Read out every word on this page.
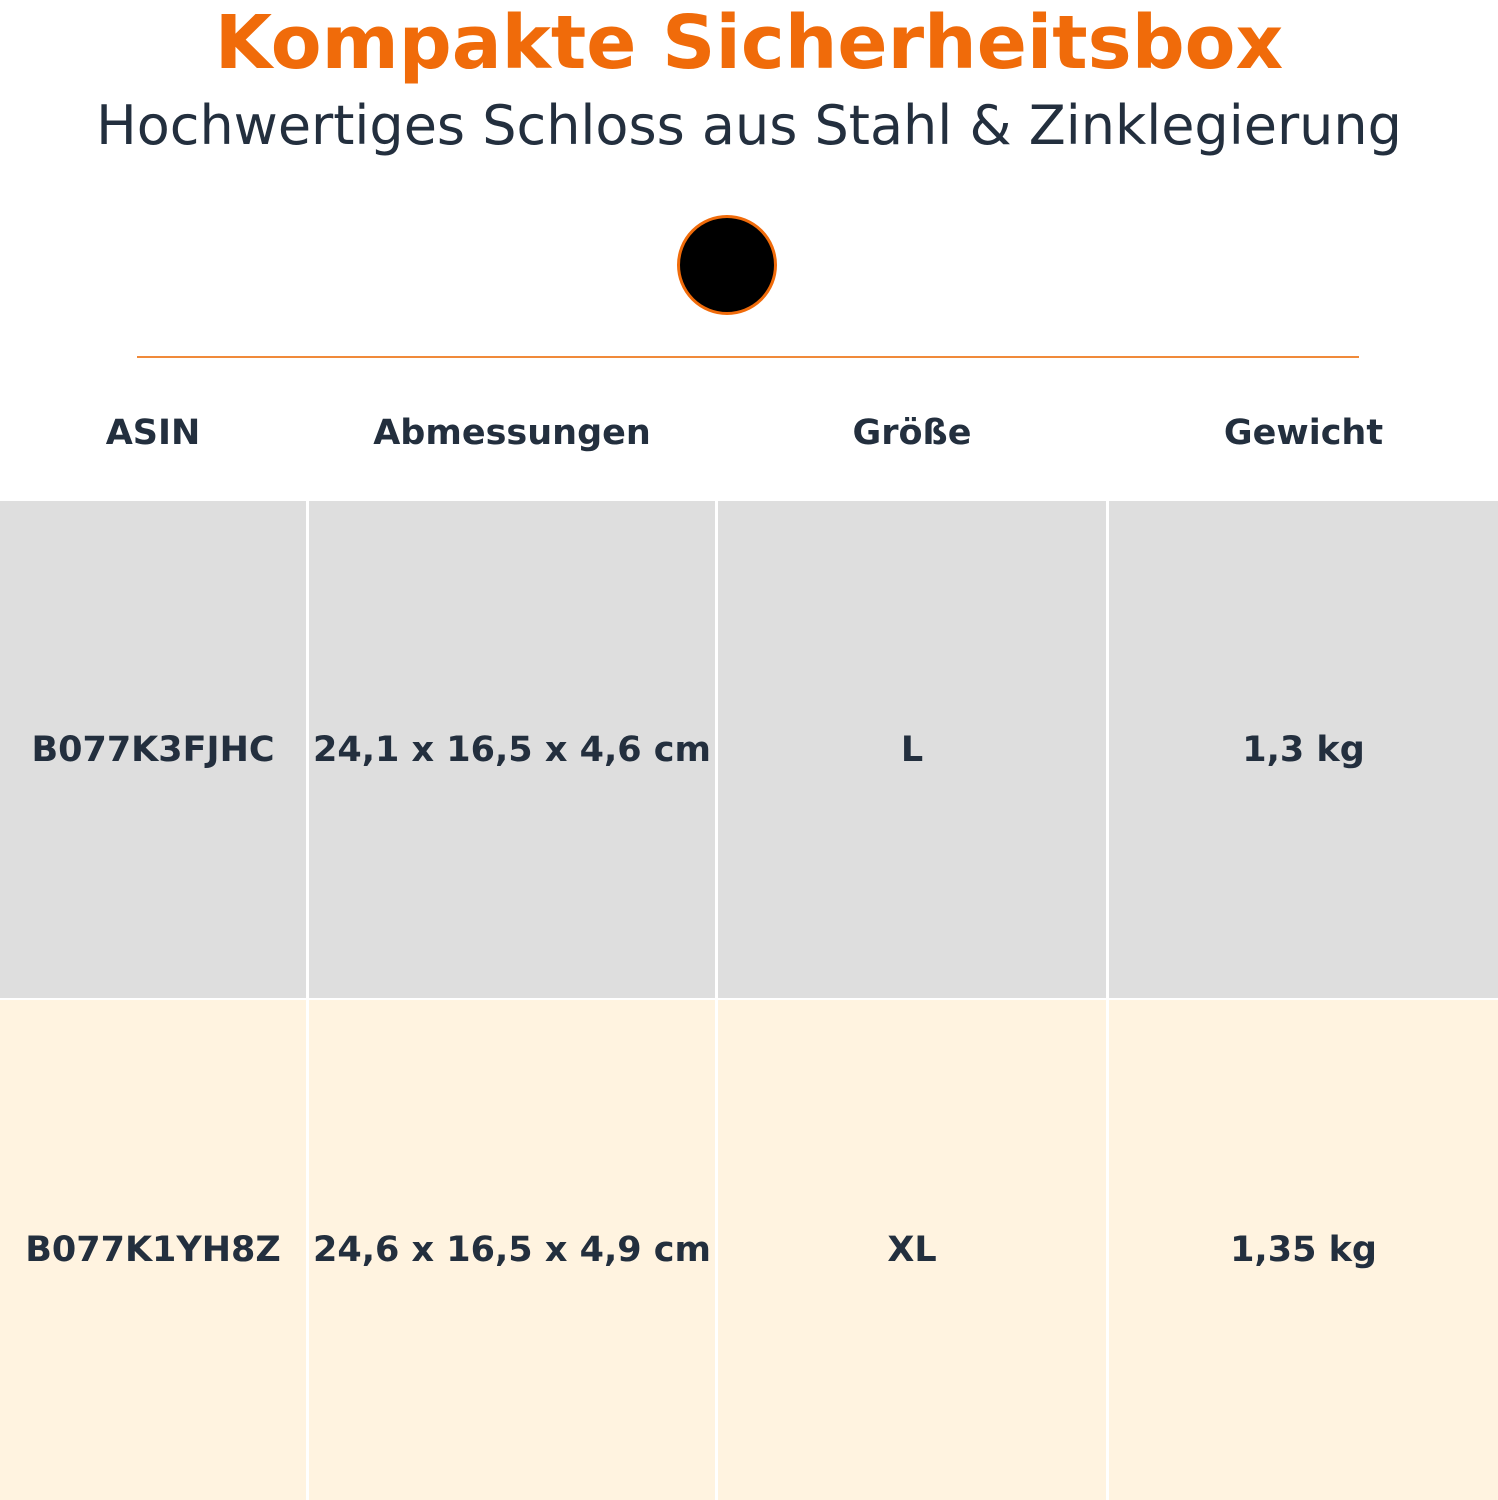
Kompakte Sicherheitsbox
Hochwertiges Schloss aus Stahl & Zinklegierung
ASIN	Abmessungen	Größe	Gewicht
B077K3FJHC	24,1 x 16,5 x 4,6 cm	L	1,3 kg
B077K1YH8Z 24,6 x 16,5 x 4,9 cm	XL	1,35 kg
